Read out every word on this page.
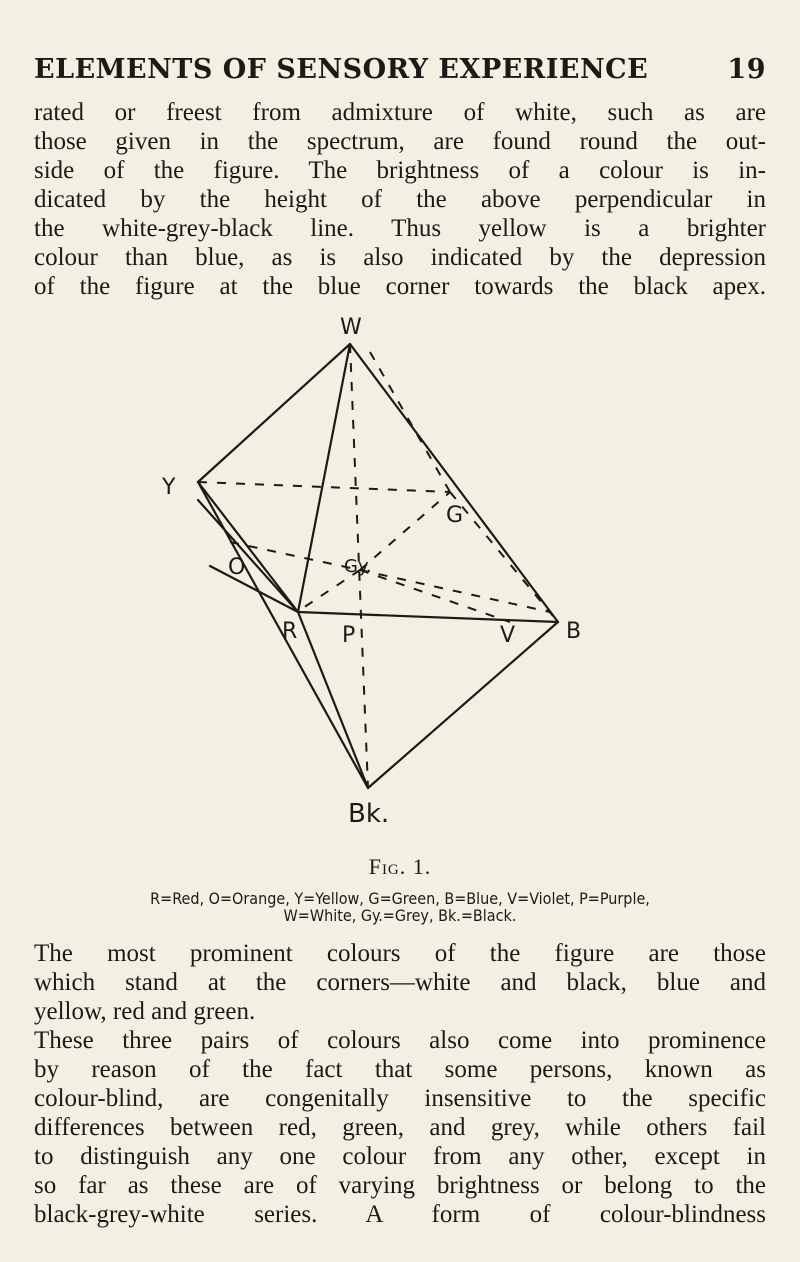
ELEMENTS OF SENSORY EXPERIENCE	19
rated or freest from admixture of white, such as are
those given in the spectrum, are found round the out-
side of the figure. The brightness of a colour is in-
dicated by the height of the above perpendicular in
the white-grey-black line. Thus yellow is a brighter
colour than blue, as is also indicated by the depression
of the figure at the blue corner towards the black apex.
W
Y
G
Gy.
O
R P	V B
Bk.
Fig. 1.
R=Red, O=Orange, Y=Yellow, G=Green, B=Blue, V=Violet, P=Purple,
W=White, Gy.=Grey, Bk.=Black.
The most prominent colours of the figure are those
which stand at the corners—white and black, blue and
yellow, red and green.
These three pairs of colours also come into prominence
by reason of the fact that some persons, known as
colour-blind, are congenitally insensitive to the specific
differences between red, green, and grey, while others fail
to distinguish any one colour from any other, except in
so far as these are of varying brightness or belong to the
black-grey-white series. A form of colour-blindness
